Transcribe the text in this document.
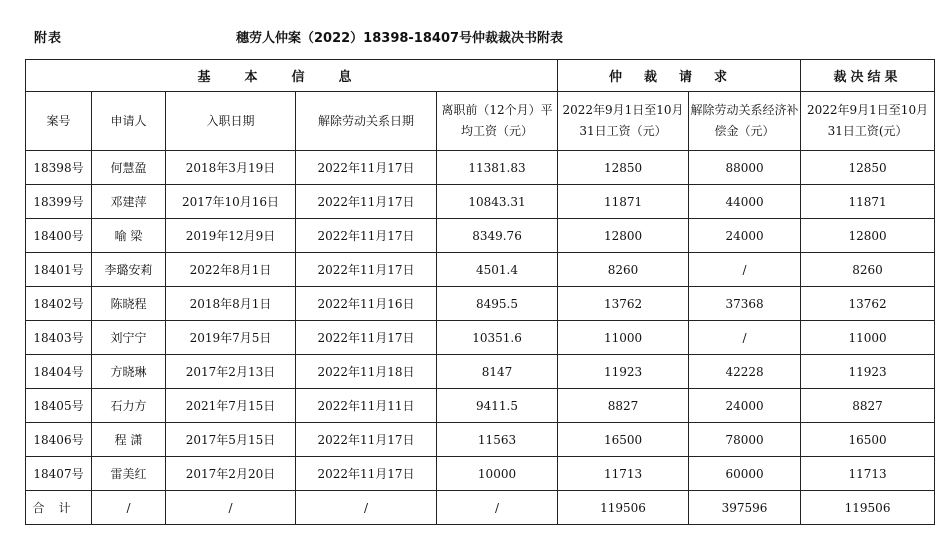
附表	穗劳人仲案（2022）18398-18407号仲裁裁决书附表
基本信息					仲裁请求		裁决结果
案号	申请人	入职日期	解除劳动关系日期	离职前（12个月）平均工资（元）	2022年9月1日至10月31日工资（元）	解除劳动关系经济补偿金（元）	2022年9月1日至10月31日工资(元）
18398号	何慧盈	2018年3月19日	2022年11月17日	11381.83	12850	88000	12850
18399号	邓建萍	2017年10月16日	2022年11月17日	10843.31	11871	44000	11871
18400号	喻 梁	2019年12月9日	2022年11月17日	8349.76	12800	24000	12800
18401号	李璐安莉	2022年8月1日	2022年11月17日	4501.4	8260	/	8260
18402号	陈晓程	2018年8月1日	2022年11月16日	8495.5	13762	37368	13762
18403号	刘宁宁	2019年7月5日	2022年11月17日	10351.6	11000	/	11000
18404号	方晓琳	2017年2月13日	2022年11月18日	8147	11923	42228	11923
18405号	石力方	2021年7月15日	2022年11月11日	9411.5	8827	24000	8827
18406号	程 潇	2017年5月15日	2022年11月17日	11563	16500	78000	16500
18407号	雷美红	2017年2月20日	2022年11月17日	10000	11713	60000	11713
合计	/	/	/	/	119506	397596	119506
